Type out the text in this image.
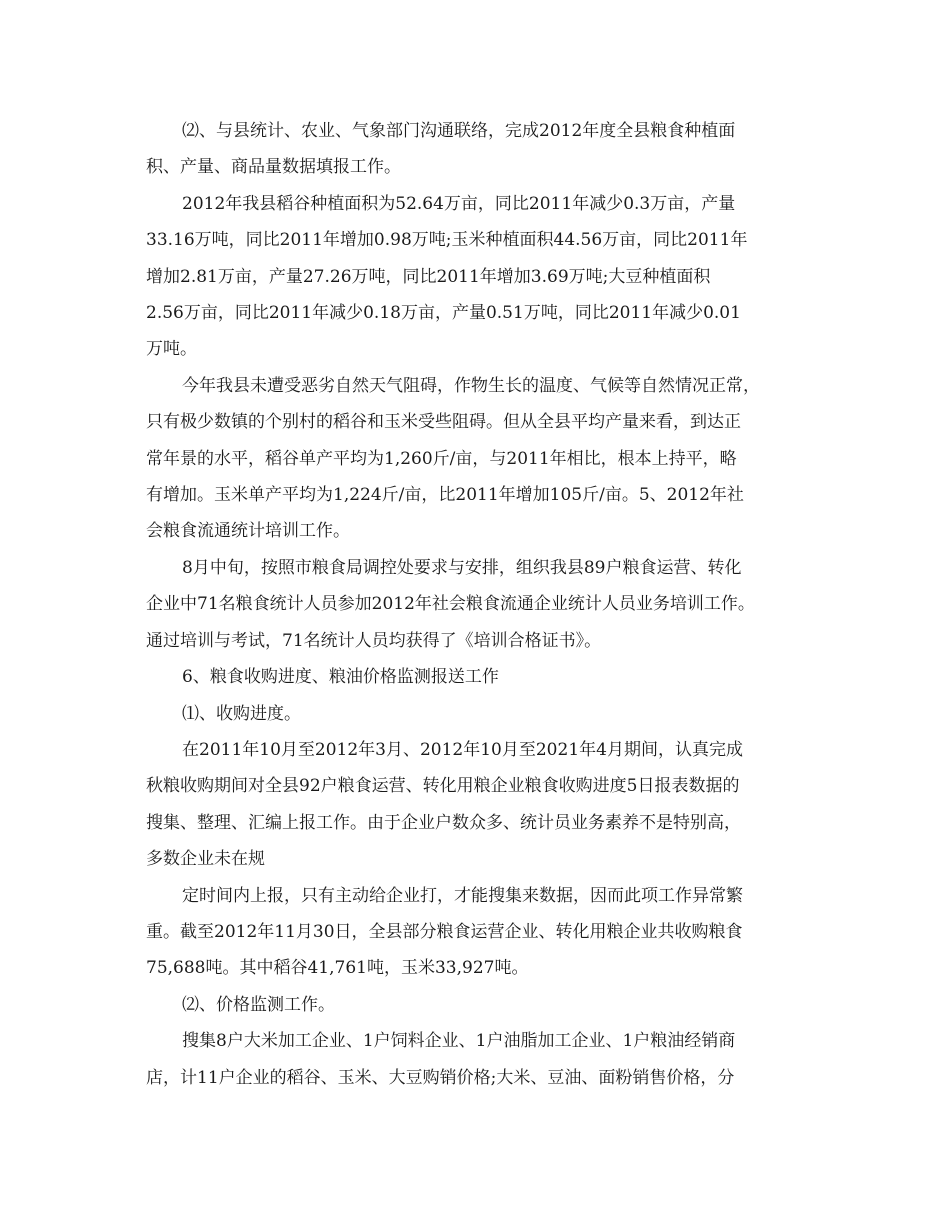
⑵、与县统计、农业、气象部门沟通联络，完成2012年度全县粮食种植面
积、产量、商品量数据填报工作。

2012年我县稻谷种植面积为52.64万亩，同比2011年减少0.3万亩，产量
33.16万吨，同比2011年增加0.98万吨;玉米种植面积44.56万亩，同比2011年
增加2.81万亩，产量27.26万吨，同比2011年增加3.69万吨;大豆种植面积
2.56万亩，同比2011年减少0.18万亩，产量0.51万吨，同比2011年减少0.01
万吨。

今年我县未遭受恶劣自然天气阻碍，作物生长的温度、气候等自然情况正常，
只有极少数镇的个别村的稻谷和玉米受些阻碍。但从全县平均产量来看，到达正
常年景的水平，稻谷单产平均为1,260斤/亩，与2011年相比，根本上持平，略
有增加。玉米单产平均为1,224斤/亩，比2011年增加105斤/亩。5、2012年社
会粮食流通统计培训工作。

8月中旬，按照市粮食局调控处要求与安排，组织我县89户粮食运营、转化
企业中71名粮食统计人员参加2012年社会粮食流通企业统计人员业务培训工作。
通过培训与考试，71名统计人员均获得了《培训合格证书》。

6、粮食收购进度、粮油价格监测报送工作

⑴、收购进度。

在2011年10月至2012年3月、2012年10月至2021年4月期间，认真完成
秋粮收购期间对全县92户粮食运营、转化用粮企业粮食收购进度5日报表数据的
搜集、整理、汇编上报工作。由于企业户数众多、统计员业务素养不是特别高，
多数企业未在规

定时间内上报，只有主动给企业打，才能搜集来数据，因而此项工作异常繁
重。截至2012年11月30日，全县部分粮食运营企业、转化用粮企业共收购粮食
75,688吨。其中稻谷41,761吨，玉米33,927吨。

⑵、价格监测工作。

搜集8户大米加工企业、1户饲料企业、1户油脂加工企业、1户粮油经销商
店，计11户企业的稻谷、玉米、大豆购销价格;大米、豆油、面粉销售价格，分
